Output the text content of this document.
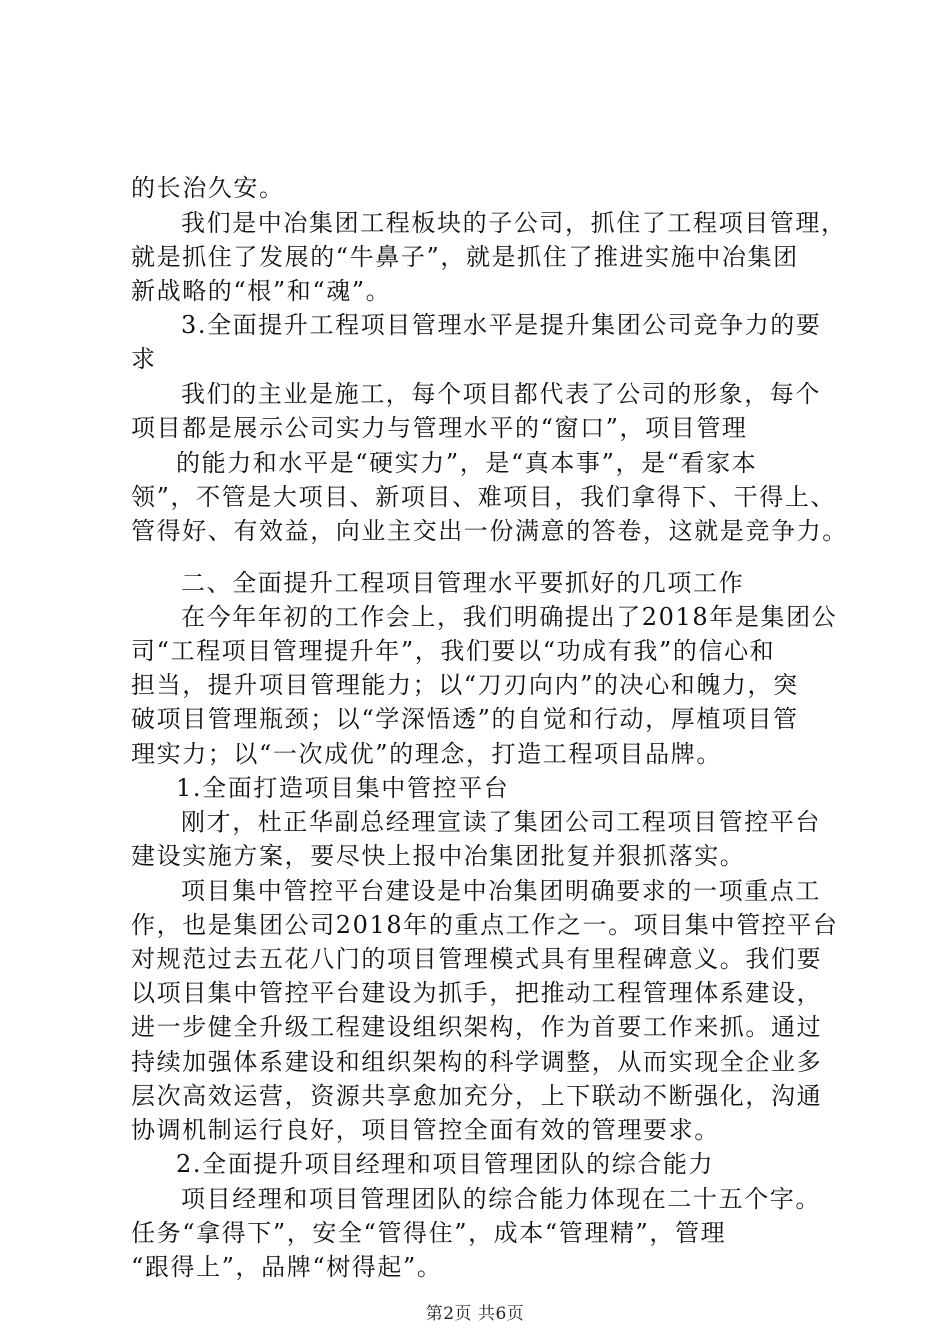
的长治久安。
我们是中冶集团工程板块的子公司，抓住了工程项目管理，
就是抓住了发展的“牛鼻子”，就是抓住了推进实施中冶集团
新战略的“根”和“魂”。
3.全面提升工程项目管理水平是提升集团公司竞争力的要
求
我们的主业是施工，每个项目都代表了公司的形象，每个
项目都是展示公司实力与管理水平的“窗口”，项目管理
的能力和水平是“硬实力”，是“真本事”，是“看家本
领”，不管是大项目、新项目、难项目，我们拿得下、干得上、
管得好、有效益，向业主交出一份满意的答卷，这就是竞争力。
二、全面提升工程项目管理水平要抓好的几项工作
在今年年初的工作会上，我们明确提出了2018年是集团公
司“工程项目管理提升年”，我们要以“功成有我”的信心和
担当，提升项目管理能力；以“刀刃向内”的决心和魄力，突
破项目管理瓶颈；以“学深悟透”的自觉和行动，厚植项目管
理实力；以“一次成优”的理念，打造工程项目品牌。
1.全面打造项目集中管控平台
刚才，杜正华副总经理宣读了集团公司工程项目管控平台
建设实施方案，要尽快上报中冶集团批复并狠抓落实。
项目集中管控平台建设是中冶集团明确要求的一项重点工
作，也是集团公司2018年的重点工作之一。项目集中管控平台
对规范过去五花八门的项目管理模式具有里程碑意义。我们要
以项目集中管控平台建设为抓手，把推动工程管理体系建设，
进一步健全升级工程建设组织架构，作为首要工作来抓。通过
持续加强体系建设和组织架构的科学调整，从而实现全企业多
层次高效运营，资源共享愈加充分，上下联动不断强化，沟通
协调机制运行良好，项目管控全面有效的管理要求。
2.全面提升项目经理和项目管理团队的综合能力
项目经理和项目管理团队的综合能力体现在二十五个字。
任务“拿得下”，安全“管得住”，成本“管理精”，管理
“跟得上”，品牌“树得起”。
第2页 共6页
